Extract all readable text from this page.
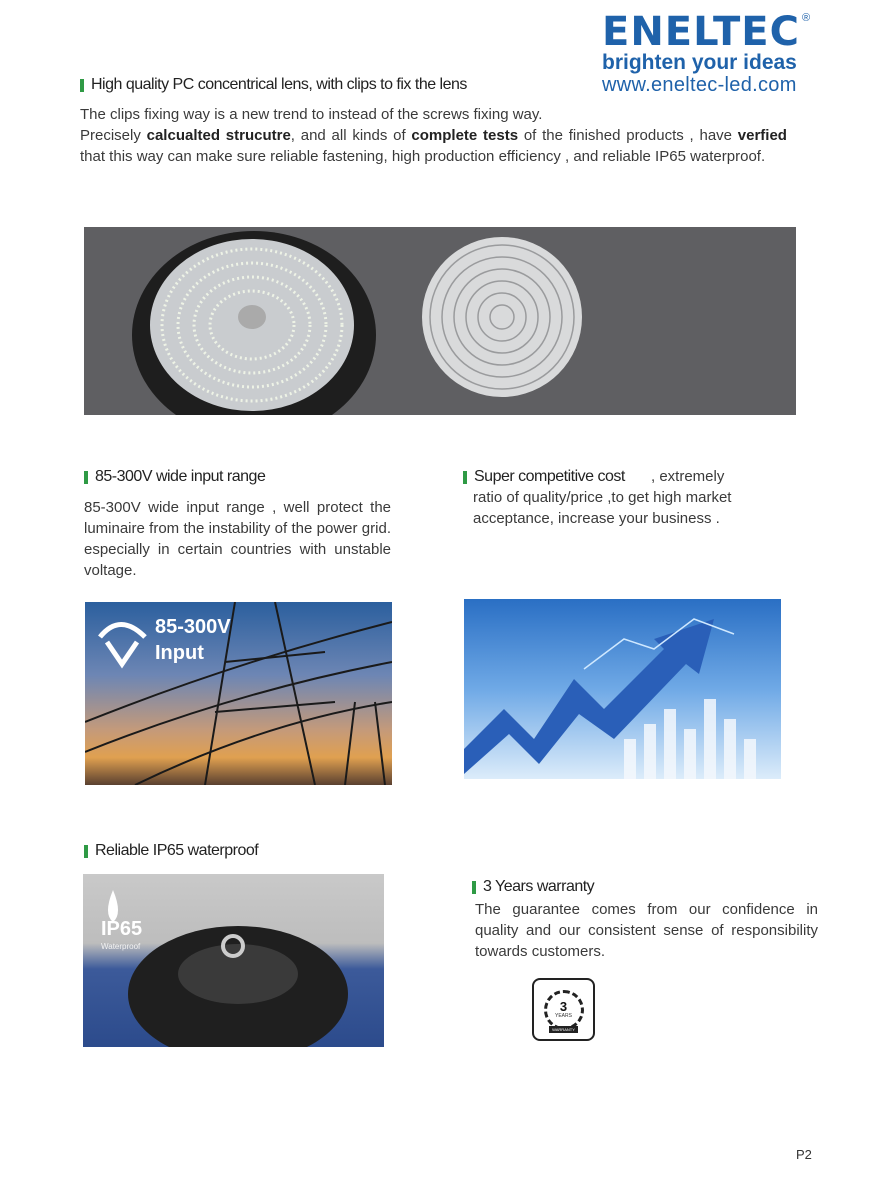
ENELTEC ®
brighten your ideas
www.eneltec-led.com
High quality PC concentrical lens, with clips to fix the lens
The clips fixing way is a new trend to instead of the screws fixing way.
Precisely calcualted strucutre, and all kinds of complete tests of the finished products , have verfied that this way can make sure reliable fastening, high production efficiency , and reliable IP65 waterproof.
85-300V wide input range
85-300V wide input range , well protect the luminaire from the instability of the power grid. especially in certain countries with unstable voltage.
Super competitive cost	, extremely ratio of quality/price ,to get high market acceptance, increase your business .
85-300V
Input
Reliable IP65 waterproof
IP65
Waterproof
3 Years warranty
The guarantee comes from our confidence in quality and our consistent sense of responsibility towards customers.
3
YEARS
WARRANTY
P2
